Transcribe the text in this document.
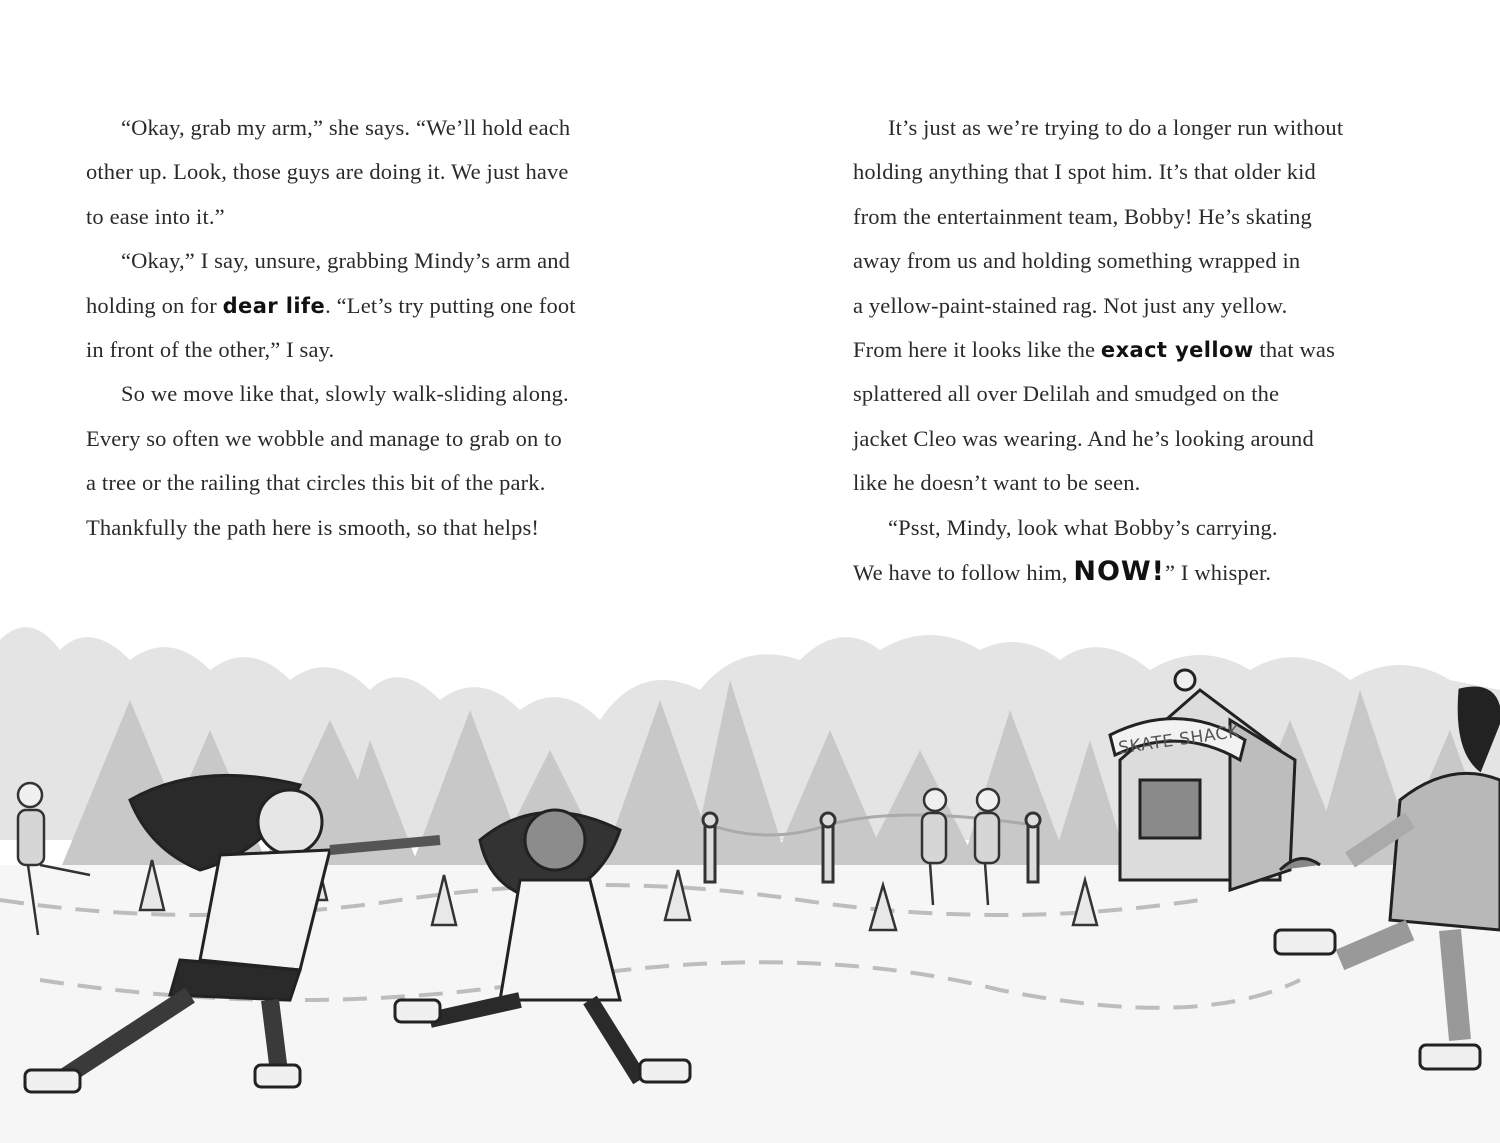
“Okay, grab my arm,” she says. “We’ll hold each
other up. Look, those guys are doing it. We just have
to ease into it.”
“Okay,” I say, unsure, grabbing Mindy’s arm and
holding on for dear life. “Let’s try putting one foot
in front of the other,” I say.
So we move like that, slowly walk-sliding along.
Every so often we wobble and manage to grab on to
a tree or the railing that circles this bit of the park.
Thankfully the path here is smooth, so that helps!
It’s just as we’re trying to do a longer run without
holding anything that I spot him. It’s that older kid
from the entertainment team, Bobby! He’s skating
away from us and holding something wrapped in
a yellow-paint-stained rag. Not just any yellow.
From here it looks like the exact yellow that was
splattered all over Delilah and smudged on the
jacket Cleo was wearing. And he’s looking around
like he doesn’t want to be seen.
“Psst, Mindy, look what Bobby’s carrying.
We have to follow him, NOW!” I whisper.
SKATE SHACK
